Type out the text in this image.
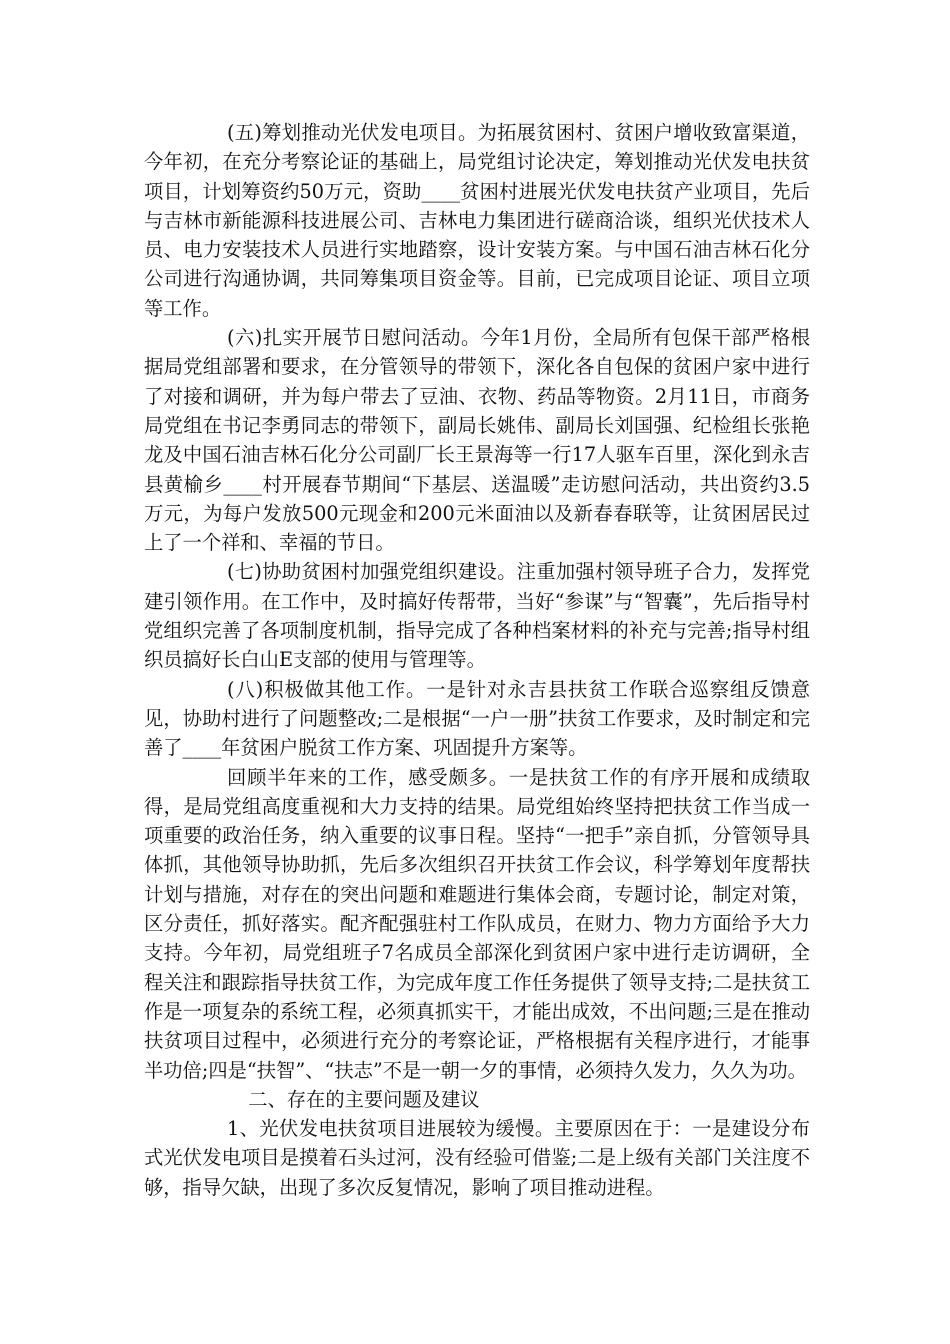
(五)筹划推动光伏发电项目。为拓展贫困村、贫困户增收致富渠道，今年初，在充分考察论证的基础上，局党组讨论决定，筹划推动光伏发电扶贫项目，计划筹资约50万元，资助____贫困村进展光伏发电扶贫产业项目，先后与吉林市新能源科技进展公司、吉林电力集团进行磋商洽谈，组织光伏技术人员、电力安装技术人员进行实地踏察，设计安装方案。与中国石油吉林石化分公司进行沟通协调，共同筹集项目资金等。目前，已完成项目论证、项目立项等工作。

(六)扎实开展节日慰问活动。今年1月份，全局所有包保干部严格根据局党组部署和要求，在分管领导的带领下，深化各自包保的贫困户家中进行了对接和调研，并为每户带去了豆油、衣物、药品等物资。2月11日，市商务局党组在书记李勇同志的带领下，副局长姚伟、副局长刘国强、纪检组长张艳龙及中国石油吉林石化分公司副厂长王景海等一行17人驱车百里，深化到永吉县黄榆乡____村开展春节期间“下基层、送温暖”走访慰问活动，共出资约3.5万元，为每户发放500元现金和200元米面油以及新春春联等，让贫困居民过上了一个祥和、幸福的节日。

(七)协助贫困村加强党组织建设。注重加强村领导班子合力，发挥党建引领作用。在工作中，及时搞好传帮带，当好“参谋”与“智囊”，先后指导村党组织完善了各项制度机制，指导完成了各种档案材料的补充与完善;指导村组织员搞好长白山E支部的使用与管理等。

(八)积极做其他工作。一是针对永吉县扶贫工作联合巡察组反馈意见，协助村进行了问题整改;二是根据“一户一册”扶贫工作要求，及时制定和完善了____年贫困户脱贫工作方案、巩固提升方案等。

回顾半年来的工作，感受颇多。一是扶贫工作的有序开展和成绩取得，是局党组高度重视和大力支持的结果。局党组始终坚持把扶贫工作当成一项重要的政治任务，纳入重要的议事日程。坚持“一把手”亲自抓，分管领导具体抓，其他领导协助抓，先后多次组织召开扶贫工作会议，科学筹划年度帮扶计划与措施，对存在的突出问题和难题进行集体会商，专题讨论，制定对策，区分责任，抓好落实。配齐配强驻村工作队成员，在财力、物力方面给予大力支持。今年初，局党组班子7名成员全部深化到贫困户家中进行走访调研，全程关注和跟踪指导扶贫工作，为完成年度工作任务提供了领导支持;二是扶贫工作是一项复杂的系统工程，必须真抓实干，才能出成效，不出问题;三是在推动扶贫项目过程中，必须进行充分的考察论证，严格根据有关程序进行，才能事半功倍;四是“扶智”、“扶志”不是一朝一夕的事情，必须持久发力，久久为功。

二、存在的主要问题及建议

1、光伏发电扶贫项目进展较为缓慢。主要原因在于：一是建设分布式光伏发电项目是摸着石头过河，没有经验可借鉴;二是上级有关部门关注度不够，指导欠缺，出现了多次反复情况，影响了项目推动进程。
